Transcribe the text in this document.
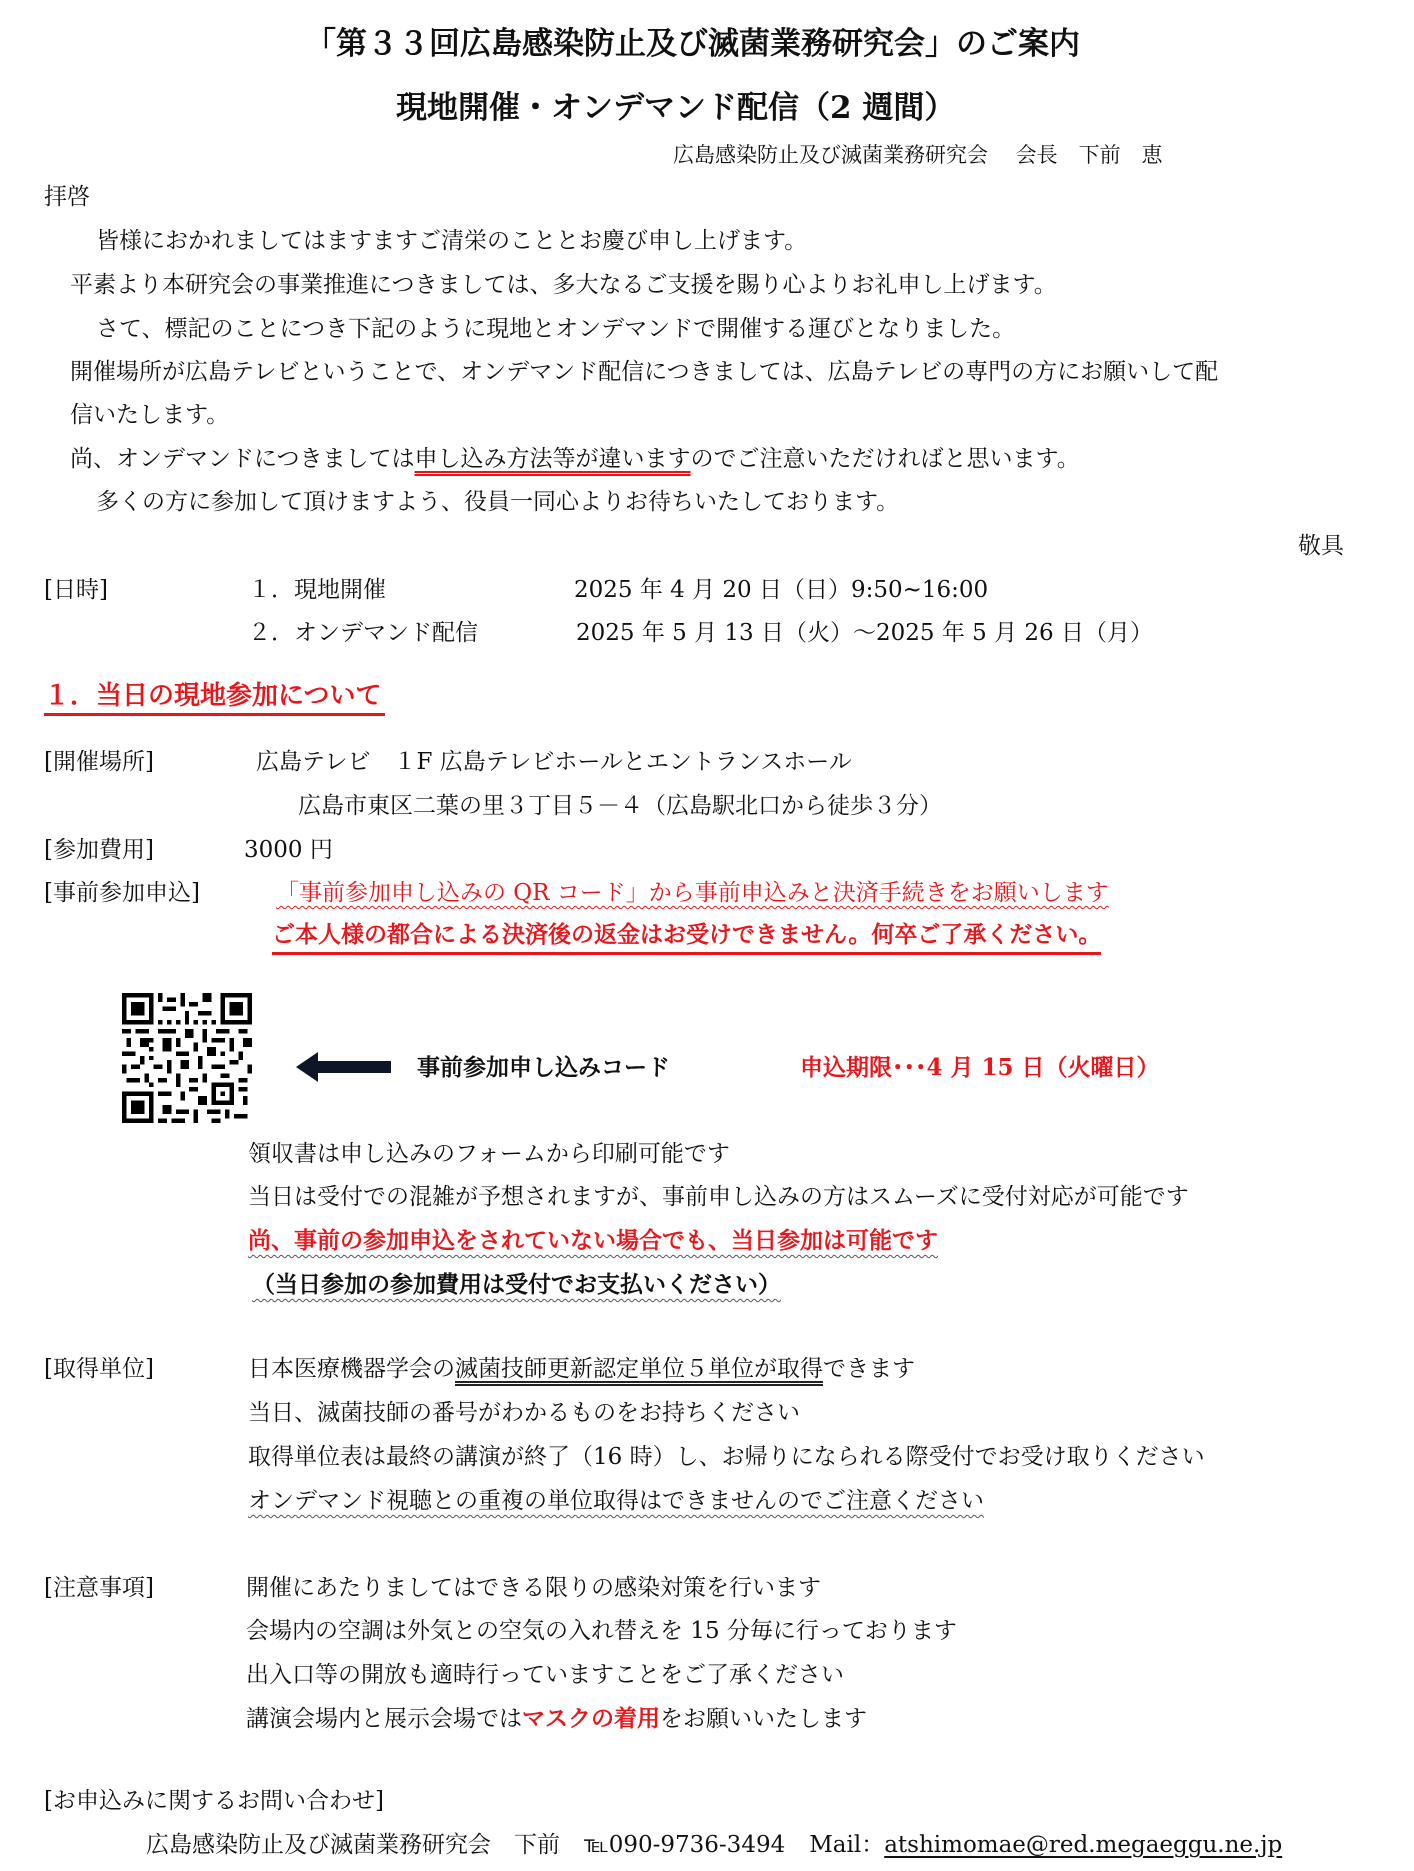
「第３３回広島感染防止及び滅菌業務研究会」のご案内
現地開催・オンデマンド配信（2 週間）
広島感染防止及び滅菌業務研究会　 会長　下前　恵
拝啓
皆様におかれましてはますますご清栄のこととお慶び申し上げます。
平素より本研究会の事業推進につきましては、多大なるご支援を賜り心よりお礼申し上げます。
さて、標記のことにつき下記のように現地とオンデマンドで開催する運びとなりました。
開催場所が広島テレビということで、オンデマンド配信につきましては、広島テレビの専門の方にお願いして配
信いたします。
尚、オンデマンドにつきましては申し込み方法等が違いますのでご注意いただければと思います。
多くの方に参加して頂けますよう、役員一同心よりお待ちいたしております。
敬具
[日時]	１．現地開催	2025 年 4 月 20 日（日）9:50~16:00
２．オンデマンド配信	2025 年 5 月 13 日（火）～2025 年 5 月 26 日（月）
１．当日の現地参加について
[開催場所]	広島テレビ　１F 広島テレビホールとエントランスホール
広島市東区二葉の里３丁目５－４（広島駅北口から徒歩３分）
[参加費用]	3000 円
[事前参加申込]	「事前参加申し込みの QR コード」から事前申込みと決済手続きをお願いします
ご本人様の都合による決済後の返金はお受けできません。何卒ご了承ください。
事前参加申し込みコード	申込期限･･･4 月 15 日（火曜日）
領収書は申し込みのフォームから印刷可能です
当日は受付での混雑が予想されますが、事前申し込みの方はスムーズに受付対応が可能です
尚、事前の参加申込をされていない場合でも、当日参加は可能です
（当日参加の参加費用は受付でお支払いください）
[取得単位]	日本医療機器学会の滅菌技師更新認定単位５単位が取得できます
当日、滅菌技師の番号がわかるものをお持ちください
取得単位表は最終の講演が終了（16 時）し、お帰りになられる際受付でお受け取りください
オンデマンド視聴との重複の単位取得はできませんのでご注意ください
[注意事項]	開催にあたりましてはできる限りの感染対策を行います
会場内の空調は外気との空気の入れ替えを 15 分毎に行っております
出入口等の開放も適時行っていますことをご了承ください
講演会場内と展示会場ではマスクの着用をお願いいたします
[お申込みに関するお問い合わせ]
広島感染防止及び滅菌業務研究会　下前 ℡090-9736-3494 Mail：atshimomae@red.megaeggu.ne.jp
